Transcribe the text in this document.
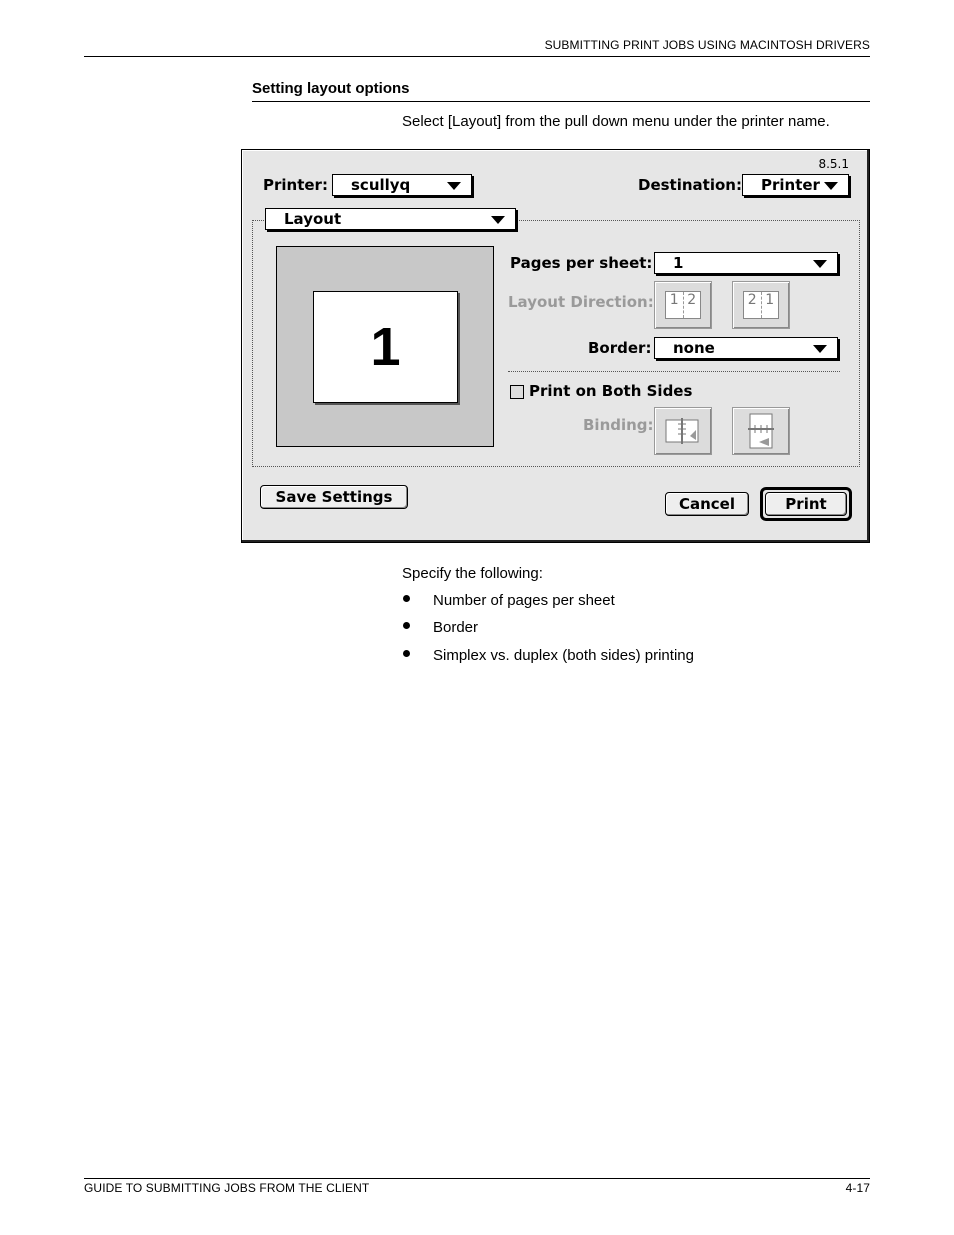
SUBMITTING PRINT JOBS USING MACINTOSH DRIVERS
Setting layout options
Select [Layout] from the pull down menu under the printer name.
8.5.1
Printer:	scullyq	Destination:	Printer
Layout
1
Pages per sheet:	1
Layout Direction: 1 2	2 1
Border:	none
Print on Both Sides
Binding:
Save Settings	Cancel	Print
Specify the following:
Number of pages per sheet
Border
Simplex vs. duplex (both sides) printing
GUIDE TO SUBMITTING JOBS FROM THE CLIENT	4-17
